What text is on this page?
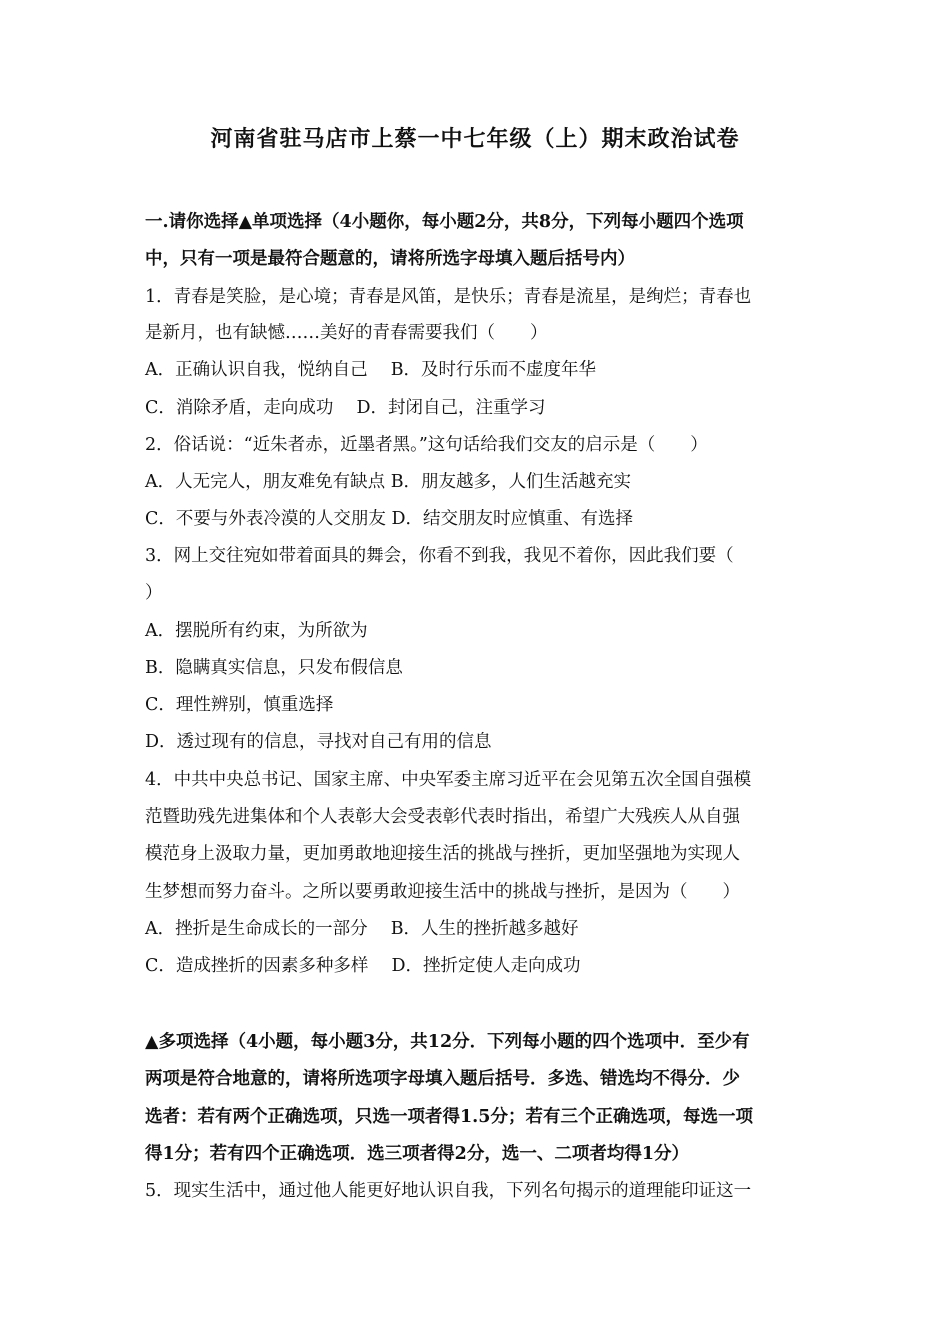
河南省驻马店市上蔡一中七年级（上）期末政治试卷
一.请你选择▲单项选择（4小题你，每小题2分，共8分，下列每小题四个选项
中，只有一项是最符合题意的，请将所选字母填入题后括号内）
1．青春是笑脸，是心境；青春是风笛，是快乐；青春是流星，是绚烂；青春也
是新月，也有缺憾……美好的青春需要我们（　　）
A．正确认识自我，悦纳自己　 B．及时行乐而不虚度年华
C．消除矛盾，走向成功　 D．封闭自己，注重学习
2．俗话说：“近朱者赤，近墨者黑。”这句话给我们交友的启示是（　　）
A．人无完人，朋友难免有缺点 B．朋友越多，人们生活越充实
C．不要与外表冷漠的人交朋友 D．结交朋友时应慎重、有选择
3．网上交往宛如带着面具的舞会，你看不到我，我见不着你，因此我们要（
）
A．摆脱所有约束，为所欲为
B．隐瞒真实信息，只发布假信息
C．理性辨别，慎重选择
D．透过现有的信息，寻找对自己有用的信息
4．中共中央总书记、国家主席、中央军委主席习近平在会见第五次全国自强模
范暨助残先进集体和个人表彰大会受表彰代表时指出，希望广大残疾人从自强
模范身上汲取力量，更加勇敢地迎接生活的挑战与挫折，更加坚强地为实现人
生梦想而努力奋斗。之所以要勇敢迎接生活中的挑战与挫折，是因为（　　）
A．挫折是生命成长的一部分　 B．人生的挫折越多越好
C．造成挫折的因素多种多样　 D．挫折定使人走向成功
▲多项选择（4小题，每小题3分，共12分．下列每小题的四个选项中．至少有
两项是符合地意的，请将所选项字母填入题后括号．多选、错选均不得分．少
选者：若有两个正确选项，只选一项者得1.5分；若有三个正确选项，每选一项
得1分；若有四个正确选项．选三项者得2分，选一、二项者均得1分）
5．现实生活中，通过他人能更好地认识自我，下列名句揭示的道理能印证这一
